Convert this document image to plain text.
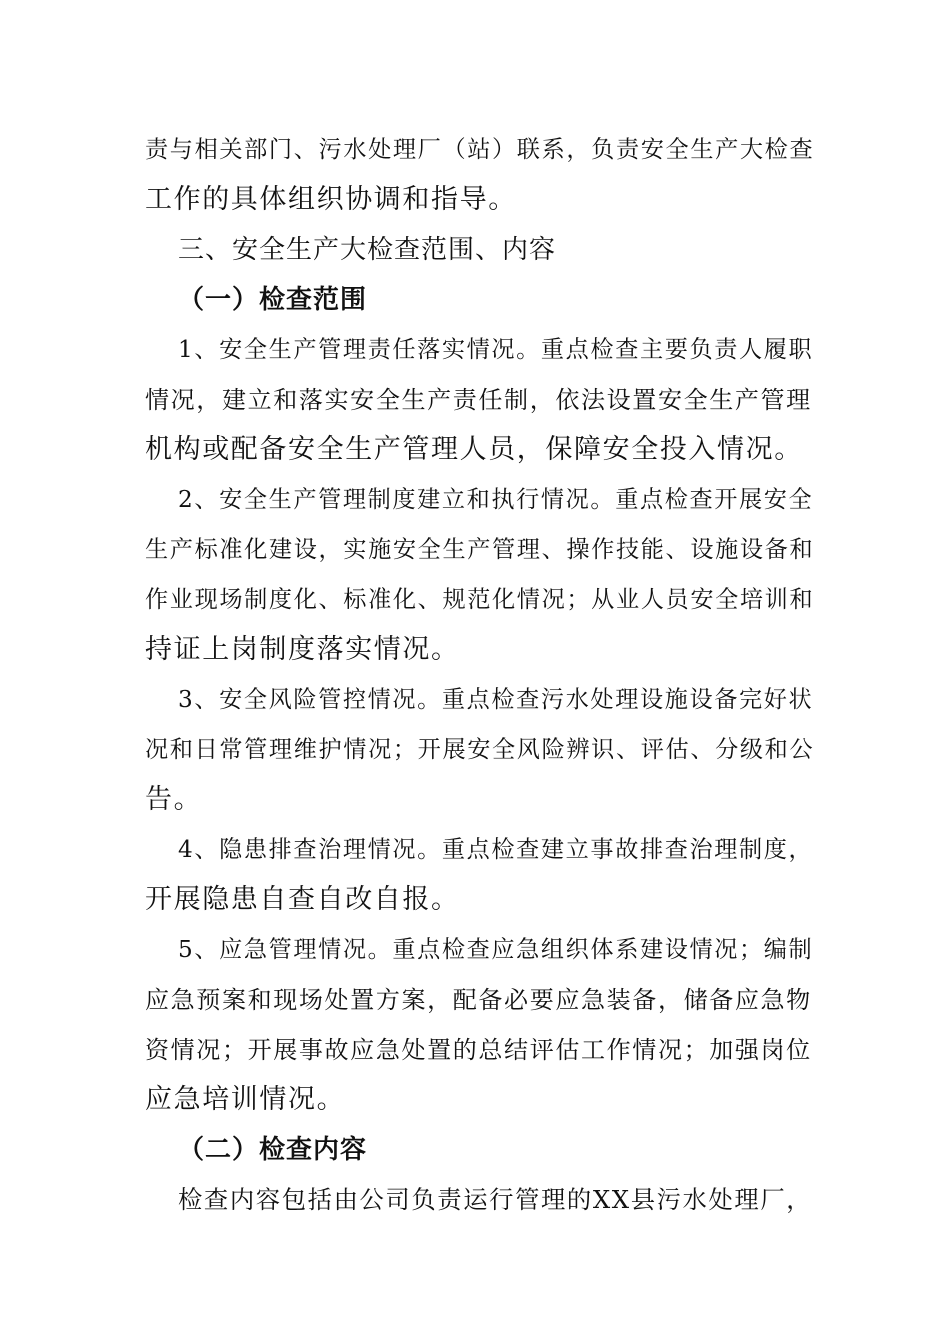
责与相关部门、污水处理厂（站）联系，负责安全生产大检查
工作的具体组织协调和指导。
三、安全生产大检查范围、内容
（一）检查范围
1、安全生产管理责任落实情况。重点检查主要负责人履职
情况，建立和落实安全生产责任制，依法设置安全生产管理
机构或配备安全生产管理人员，保障安全投入情况。
2、安全生产管理制度建立和执行情况。重点检查开展安全
生产标准化建设，实施安全生产管理、操作技能、设施设备和
作业现场制度化、标准化、规范化情况；从业人员安全培训和
持证上岗制度落实情况。
3、安全风险管控情况。重点检查污水处理设施设备完好状
况和日常管理维护情况；开展安全风险辨识、评估、分级和公
告。
4、隐患排查治理情况。重点检查建立事故排查治理制度，
开展隐患自查自改自报。
5、应急管理情况。重点检查应急组织体系建设情况；编制
应急预案和现场处置方案，配备必要应急装备，储备应急物
资情况；开展事故应急处置的总结评估工作情况；加强岗位
应急培训情况。
（二）检查内容
检查内容包括由公司负责运行管理的XX县污水处理厂，
